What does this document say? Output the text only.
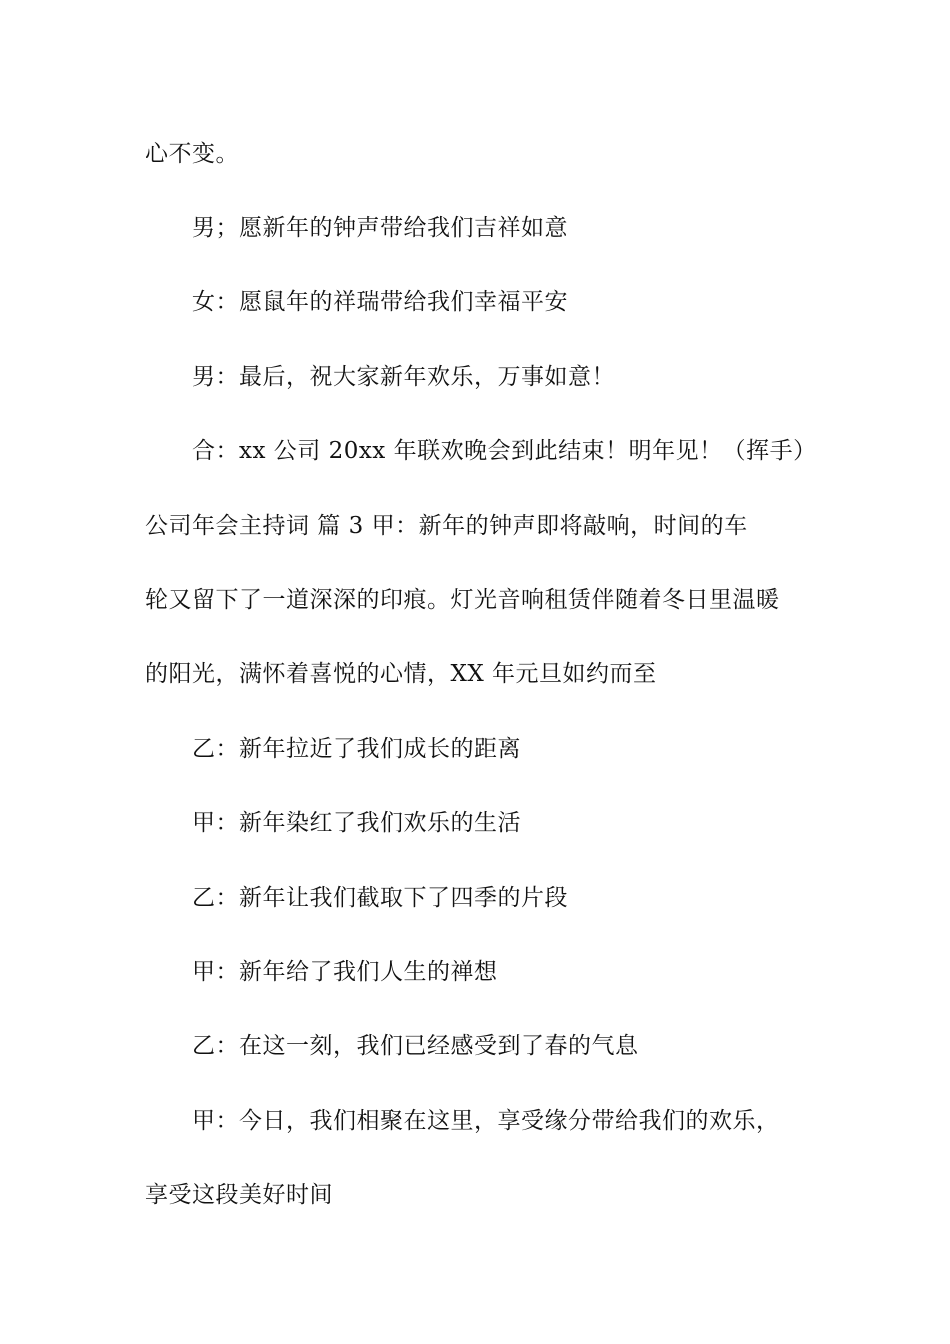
心不变。
男；愿新年的钟声带给我们吉祥如意
女：愿鼠年的祥瑞带给我们幸福平安
男：最后，祝大家新年欢乐，万事如意！
合：xx 公司 20xx 年联欢晚会到此结束！明年见！（挥手）
公司年会主持词 篇 3 甲：新年的钟声即将敲响，时间的车
轮又留下了一道深深的印痕。灯光音响租赁伴随着冬日里温暖
的阳光，满怀着喜悦的心情，XX 年元旦如约而至
乙：新年拉近了我们成长的距离
甲：新年染红了我们欢乐的生活
乙：新年让我们截取下了四季的片段
甲：新年给了我们人生的禅想
乙：在这一刻，我们已经感受到了春的气息
甲：今日，我们相聚在这里，享受缘分带给我们的欢乐，
享受这段美好时间
